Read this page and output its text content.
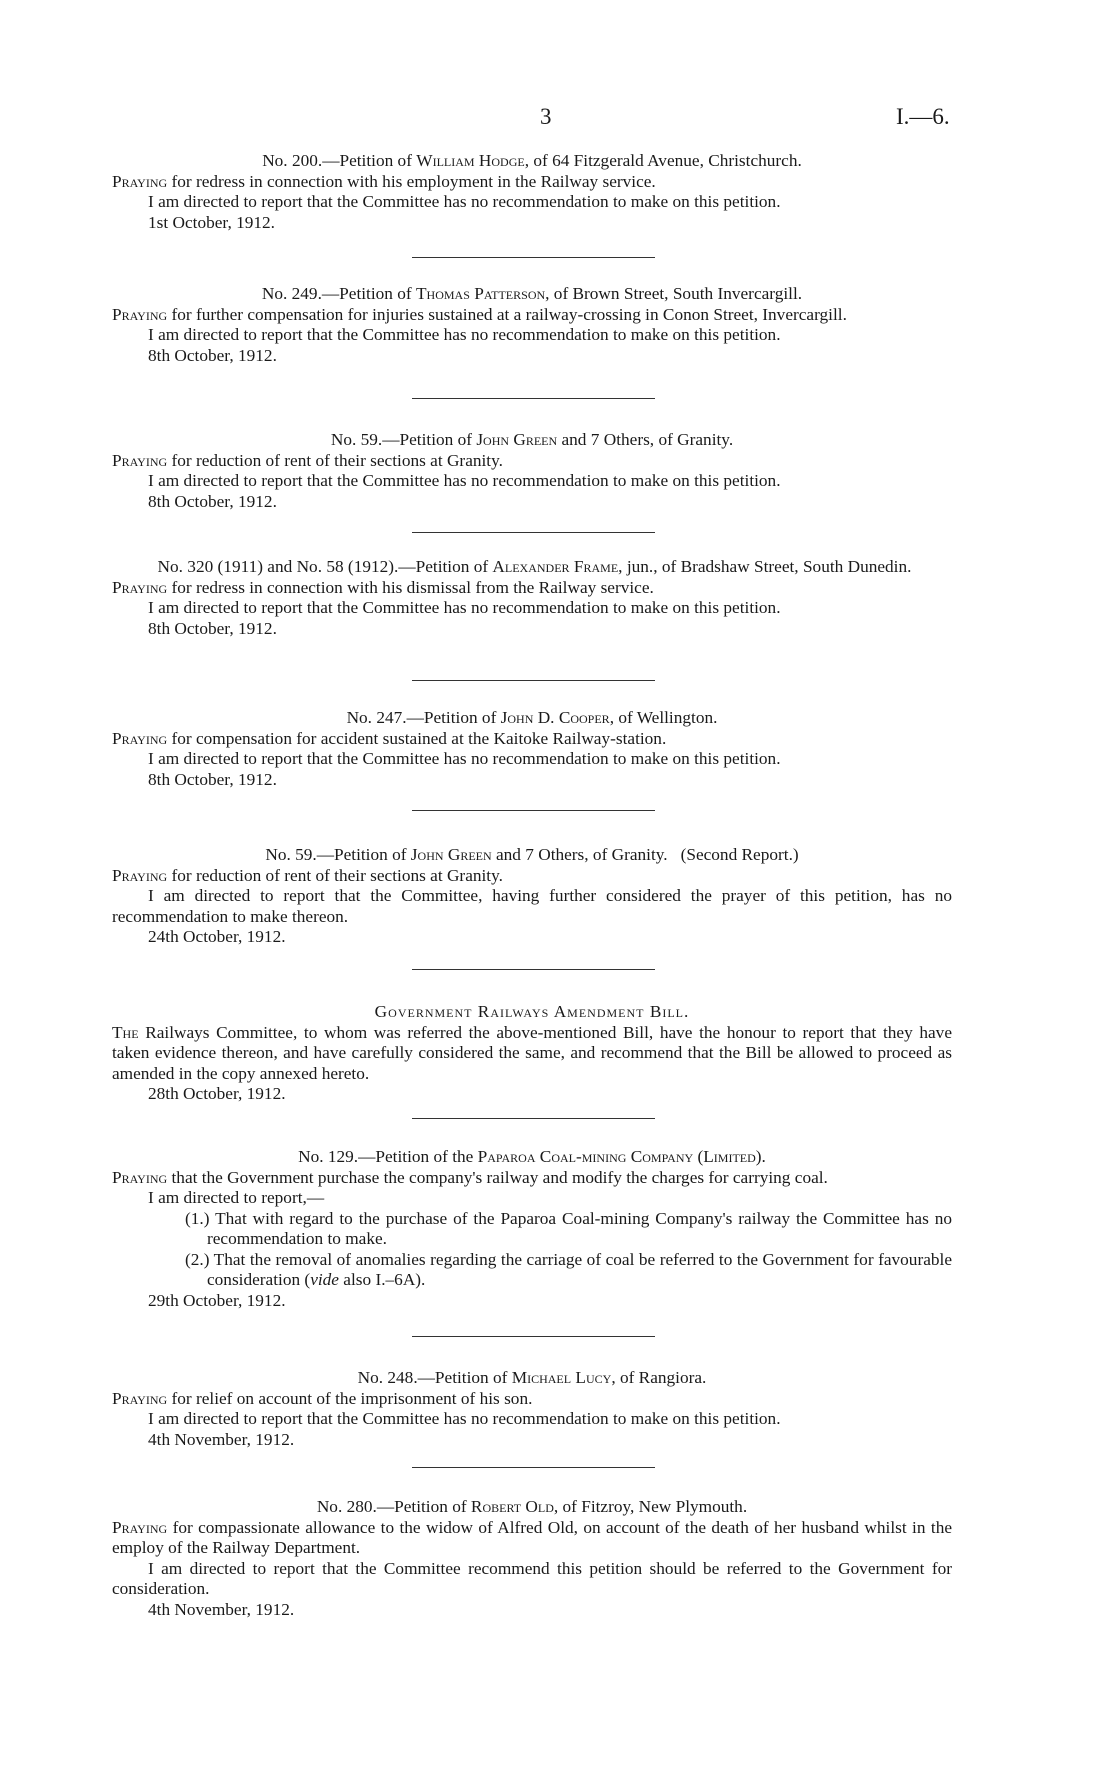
3	I.—6.
No. 200.—Petition of William Hodge, of 64 Fitzgerald Avenue, Christchurch.
Praying for redress in connection with his employment in the Railway service.
I am directed to report that the Committee has no recommendation to make on this petition.
1st October, 1912.
No. 249.—Petition of Thomas Patterson, of Brown Street, South Invercargill.
Praying for further compensation for injuries sustained at a railway-crossing in Conon Street, Invercargill.
I am directed to report that the Committee has no recommendation to make on this petition.
8th October, 1912.
No. 59.—Petition of John Green and 7 Others, of Granity.
Praying for reduction of rent of their sections at Granity.
I am directed to report that the Committee has no recommendation to make on this petition.
8th October, 1912.
No. 320 (1911) and No. 58 (1912).—Petition of Alexander Frame, jun., of Bradshaw Street, South Dunedin.
Praying for redress in connection with his dismissal from the Railway service.
I am directed to report that the Committee has no recommendation to make on this petition.
8th October, 1912.
No. 247.—Petition of John D. Cooper, of Wellington.
Praying for compensation for accident sustained at the Kaitoke Railway-station.
I am directed to report that the Committee has no recommendation to make on this petition.
8th October, 1912.
No. 59.—Petition of John Green and 7 Others, of Granity.   (Second Report.)
Praying for reduction of rent of their sections at Granity.
I am directed to report that the Committee, having further considered the prayer of this petition, has no recommendation to make thereon.
24th October, 1912.
Government Railways Amendment Bill.
The Railways Committee, to whom was referred the above-mentioned Bill, have the honour to report that they have taken evidence thereon, and have carefully considered the same, and recommend that the Bill be allowed to proceed as amended in the copy annexed hereto.
28th October, 1912.
No. 129.—Petition of the Paparoa Coal-mining Company (Limited).
Praying that the Government purchase the company's railway and modify the charges for carrying coal.
I am directed to report,—
(1.) That with regard to the purchase of the Paparoa Coal-mining Company's railway the Committee has no recommendation to make.
(2.) That the removal of anomalies regarding the carriage of coal be referred to the Government for favourable consideration (vide also I.–6A).
29th October, 1912.
No. 248.—Petition of Michael Lucy, of Rangiora.
Praying for relief on account of the imprisonment of his son.
I am directed to report that the Committee has no recommendation to make on this petition.
4th November, 1912.
No. 280.—Petition of Robert Old, of Fitzroy, New Plymouth.
Praying for compassionate allowance to the widow of Alfred Old, on account of the death of her husband whilst in the employ of the Railway Department.
I am directed to report that the Committee recommend this petition should be referred to the Government for consideration.
4th November, 1912.
